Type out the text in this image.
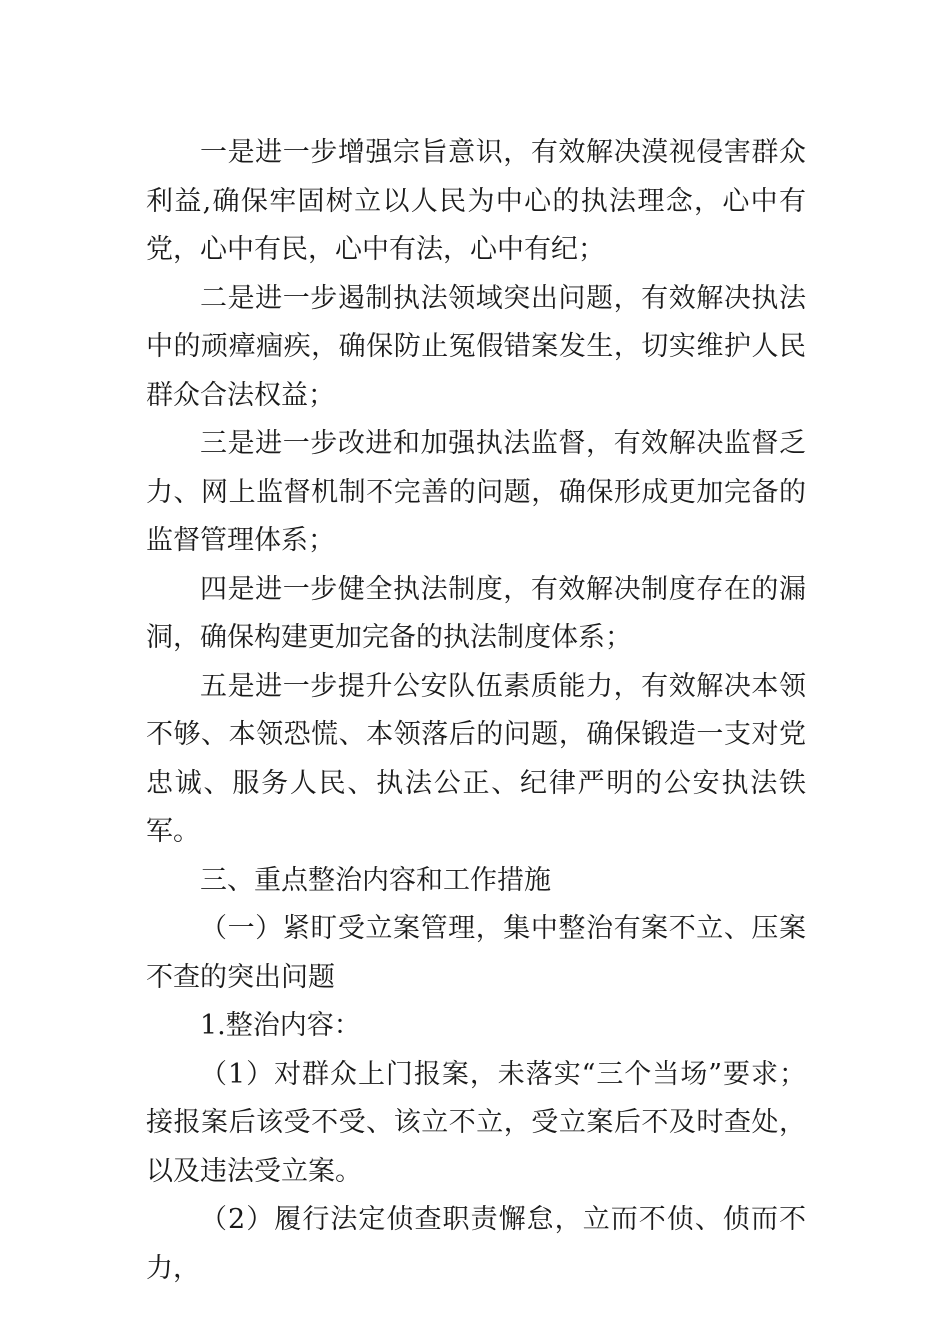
一是进一步增强宗旨意识，有效解决漠视侵害群众利益,确保牢固树立以人民为中心的执法理念，心中有党，心中有民，心中有法，心中有纪；

二是进一步遏制执法领域突出问题，有效解决执法中的顽瘴痼疾，确保防止冤假错案发生，切实维护人民群众合法权益；

三是进一步改进和加强执法监督，有效解决监督乏力、网上监督机制不完善的问题，确保形成更加完备的监督管理体系；

四是进一步健全执法制度，有效解决制度存在的漏洞，确保构建更加完备的执法制度体系；

五是进一步提升公安队伍素质能力，有效解决本领不够、本领恐慌、本领落后的问题，确保锻造一支对党忠诚、服务人民、执法公正、纪律严明的公安执法铁军。

三、重点整治内容和工作措施

（一）紧盯受立案管理，集中整治有案不立、压案不查的突出问题

1.整治内容：

（1）对群众上门报案，未落实“三个当场”要求；接报案后该受不受、该立不立，受立案后不及时查处，以及违法受立案。

（2）履行法定侦查职责懈怠，立而不侦、侦而不力，
